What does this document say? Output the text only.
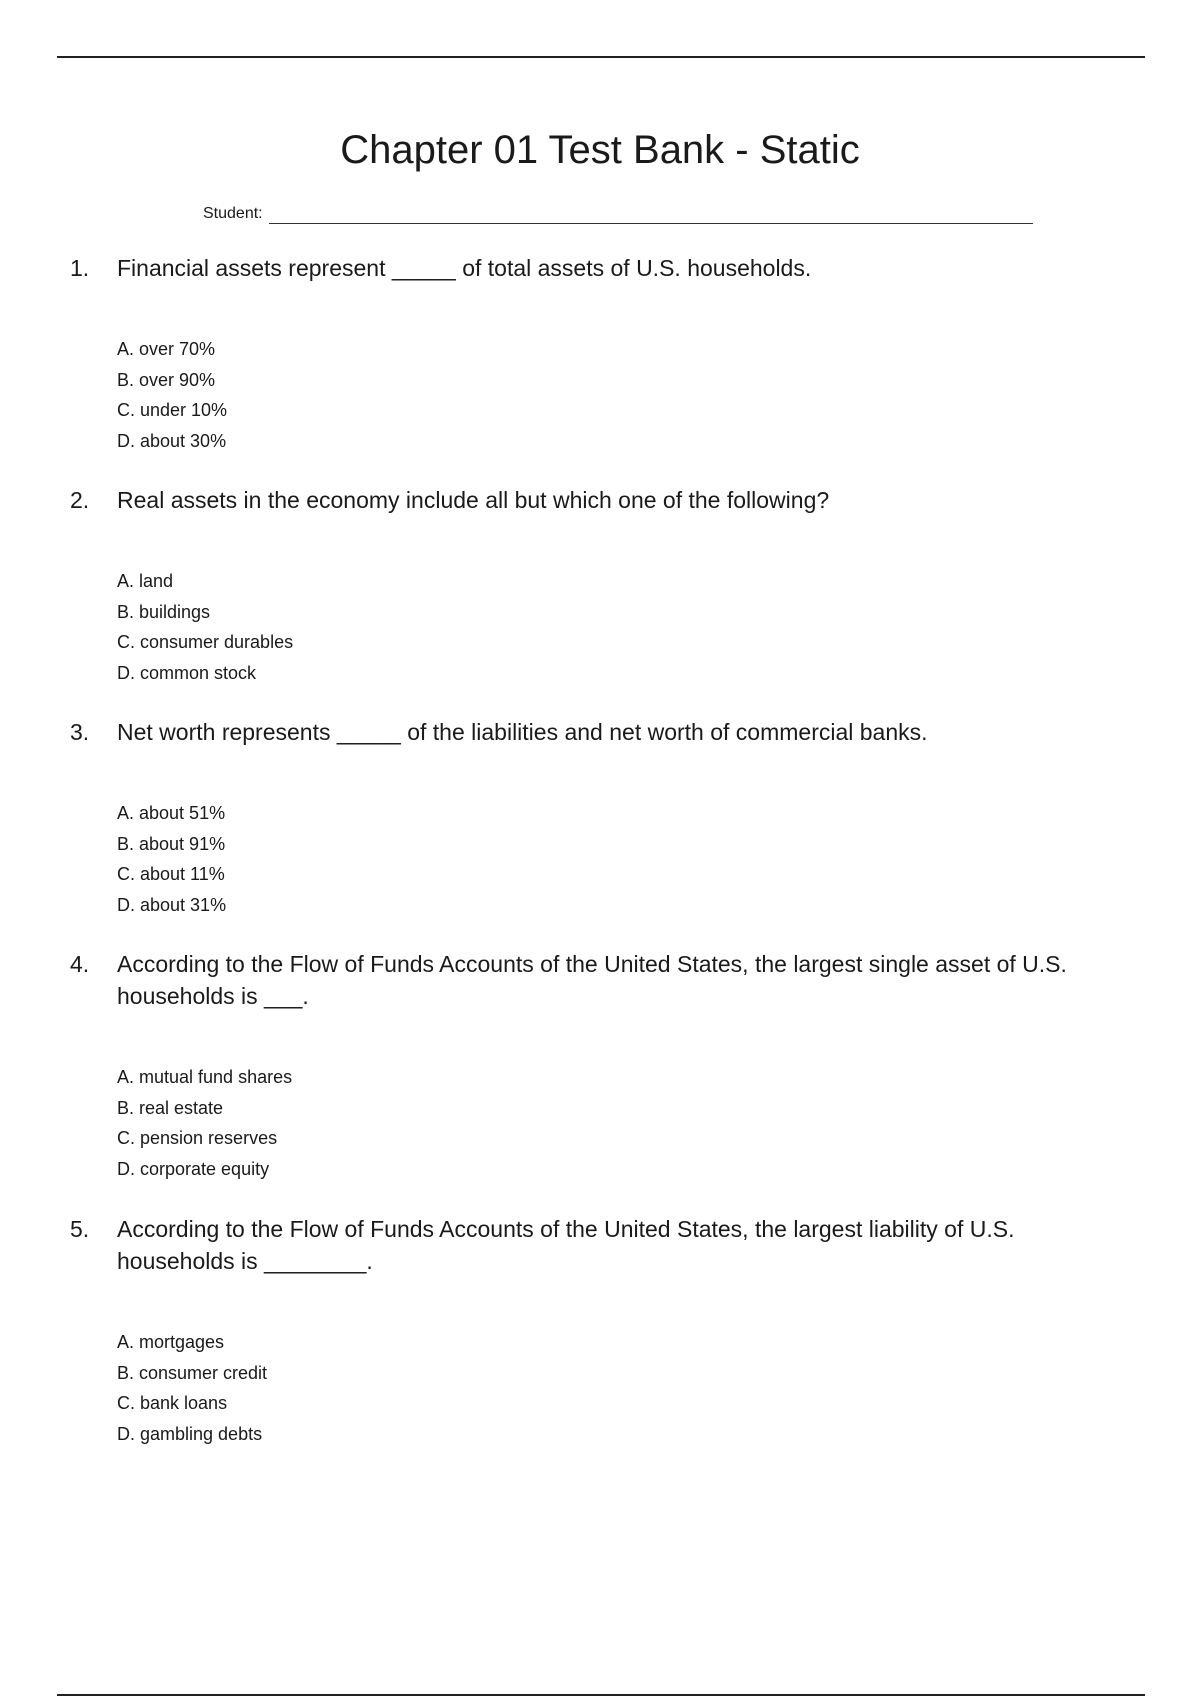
Chapter 01 Test Bank - Static
Student:
1.	Financial assets represent _____ of total assets of U.S. households.
A. over 70%
B. over 90%
C. under 10%
D. about 30%
2.	Real assets in the economy include all but which one of the following?
A. land
B. buildings
C. consumer durables
D. common stock
3.	Net worth represents _____ of the liabilities and net worth of commercial banks.
A. about 51%
B. about 91%
C. about 11%
D. about 31%
4.	According to the Flow of Funds Accounts of the United States, the largest single asset of U.S. households is ___.
A. mutual fund shares
B. real estate
C. pension reserves
D. corporate equity
5.	According to the Flow of Funds Accounts of the United States, the largest liability of U.S. households is ________.
A. mortgages
B. consumer credit
C. bank loans
D. gambling debts
